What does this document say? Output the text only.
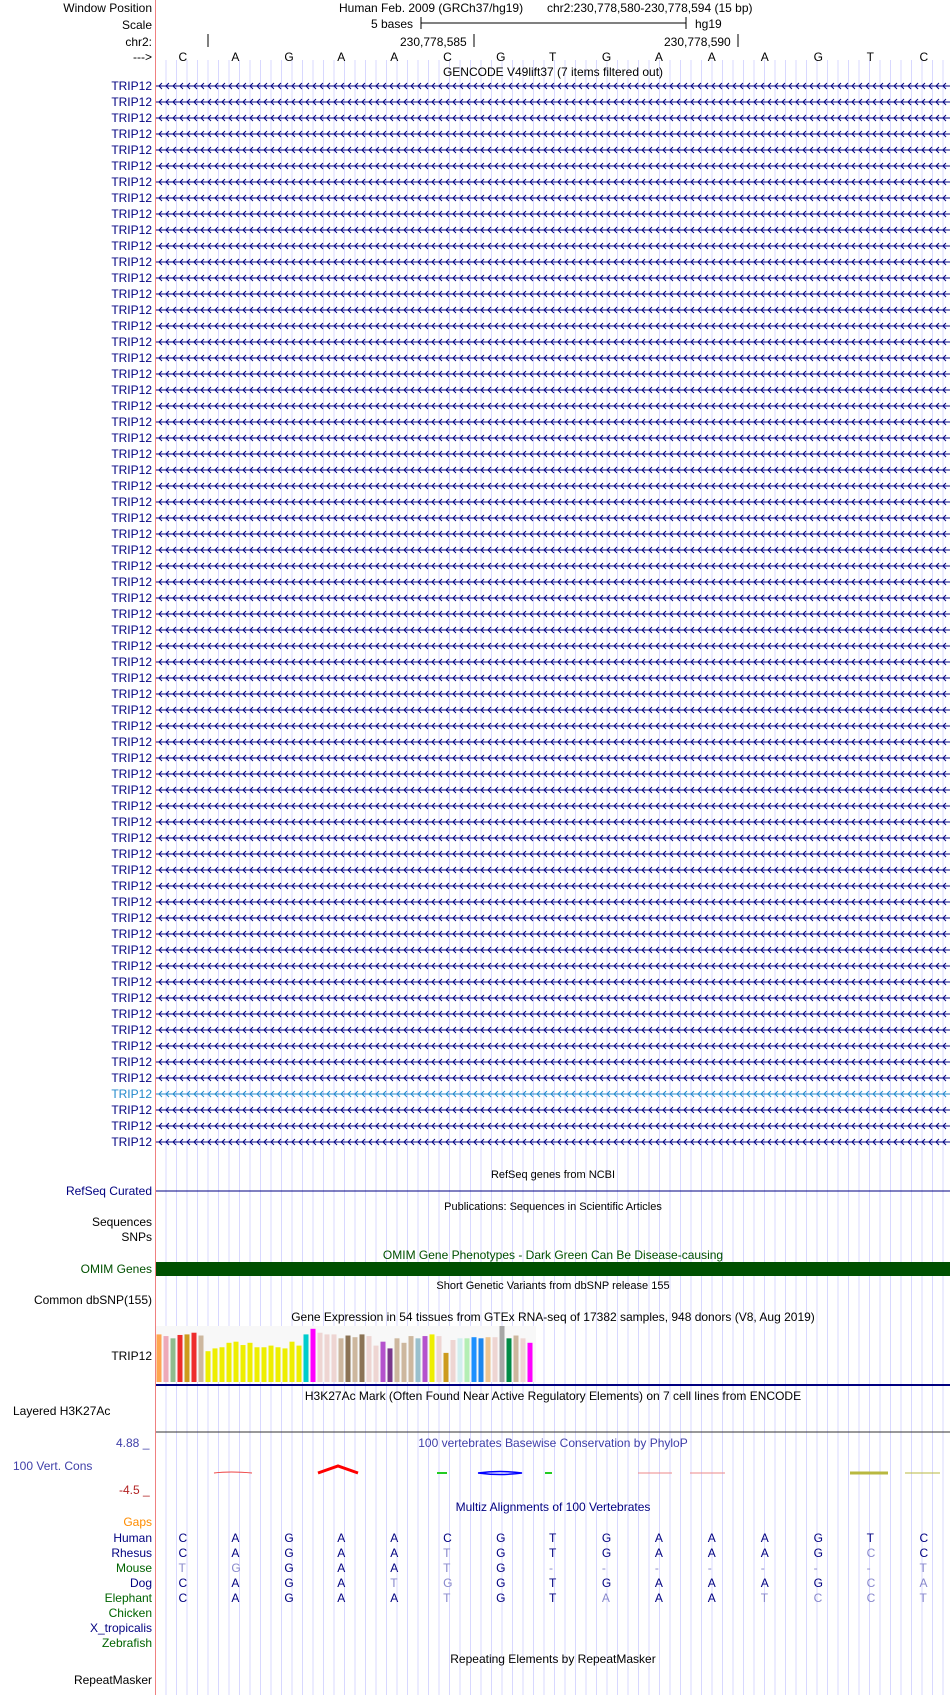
Window Position
Scale
chr2:
--->
Human Feb. 2009 (GRCh37/hg19) chr2:230,778,580-230,778,594 (15 bp)
5 bases	hg19
230,778,585	230,778,590
GENCODE V49lift37 (7 items filtered out)
RefSeq genes from NCBI
RefSeq Curated
Publications: Sequences in Scientific Articles
Sequences
SNPs
OMIM Gene Phenotypes - Dark Green Can Be Disease-causing
OMIM Genes
Short Genetic Variants from dbSNP release 155
Common dbSNP(155)
Gene Expression in 54 tissues from GTEx RNA-seq of 17382 samples, 948 donors (V8, Aug 2019)
TRIP12
H3K27Ac Mark (Often Found Near Active Regulatory Elements) on 7 cell lines from ENCODE
Layered H3K27Ac
100 vertebrates Basewise Conservation by PhyloP
4.88 _
100 Vert. Cons
-4.5 _
Multiz Alignments of 100 Vertebrates
Gaps
Repeating Elements by RepeatMasker
RepeatMasker
C	A	G	A	A	C	G	T	G	A	A	A	G	T	C
TRIP12
TRIP12
TRIP12
TRIP12
TRIP12
TRIP12
TRIP12
TRIP12
TRIP12
TRIP12
TRIP12
TRIP12
TRIP12
TRIP12
TRIP12
TRIP12
TRIP12
TRIP12
TRIP12
TRIP12
TRIP12
TRIP12
TRIP12
TRIP12
TRIP12
TRIP12
TRIP12
TRIP12
TRIP12
TRIP12
TRIP12
TRIP12
TRIP12
TRIP12
TRIP12
TRIP12
TRIP12
TRIP12
TRIP12
TRIP12
TRIP12
TRIP12
TRIP12
TRIP12
TRIP12
TRIP12
TRIP12
TRIP12
TRIP12
TRIP12
TRIP12
TRIP12
TRIP12
TRIP12
TRIP12
TRIP12
TRIP12
TRIP12
TRIP12
TRIP12
TRIP12
TRIP12
TRIP12
TRIP12
TRIP12
TRIP12
TRIP12
Human C	A	G	A	A	C	G	T	G	A	A	A	G	T	C
Rhesus C	A	G	A	A	T	G	T	G	A	A	A	G	C	C
Mouse T	G	G	A	A	T	G	-	-	-	-	-	-	-	T
Dog C	A	G	A	T	G	G	T	G	A	A	A	G	C	A
Elephant C	A	G	A	A	T	G	T	A	A	A	T	C	C	T
Chicken
X_tropicalis
Zebrafish
